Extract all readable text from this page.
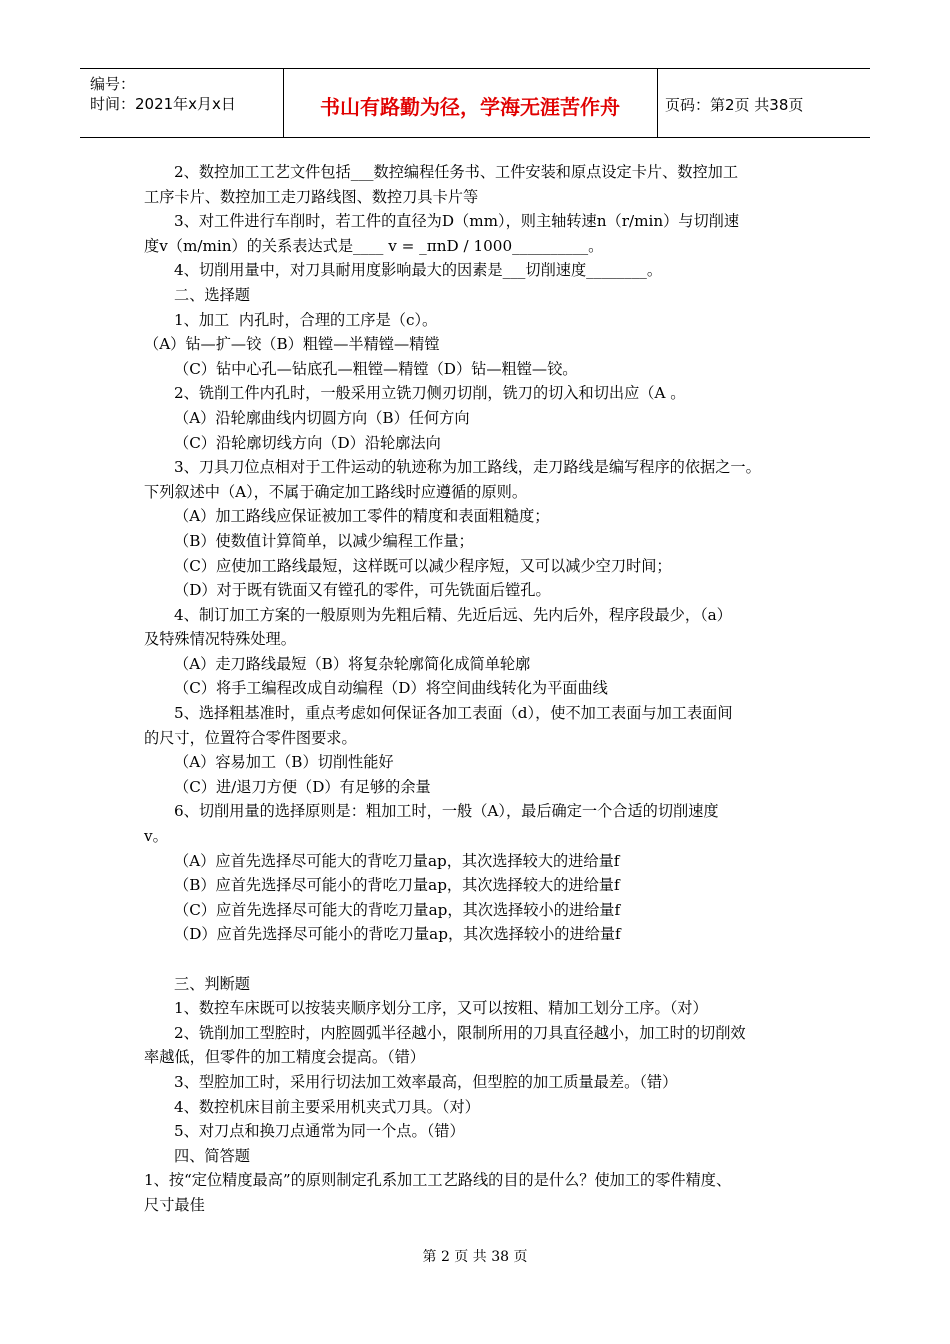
编号：
时间：2021年x月x日	书山有路勤为径，学海无涯苦作舟	页码：第2页 共38页
2、数控加工工艺文件包括___数控编程任务书、工件安装和原点设定卡片、数控加工
工序卡片、数控加工走刀路线图、数控刀具卡片等
3、对工件进行车削时，若工件的直径为D（mm），则主轴转速n（r/min）与切削速
度v（m/min）的关系表达式是____ v = _πnD / 1000__________。
4、切削用量中，对刀具耐用度影响最大的因素是___切削速度________。
二、选择题
1、加工  内孔时，合理的工序是（c）。
（A）钻—扩—铰（B）粗镗—半精镗—精镗
（C）钻中心孔—钻底孔—粗镗—精镗（D）钻—粗镗—铰。
2、铣削工件内孔时，一般采用立铣刀侧刃切削，铣刀的切入和切出应（A 。
（A）沿轮廓曲线内切圆方向（B）任何方向
（C）沿轮廓切线方向（D）沿轮廓法向
3、刀具刀位点相对于工件运动的轨迹称为加工路线，走刀路线是编写程序的依据之一。
下列叙述中（A），不属于确定加工路线时应遵循的原则。
（A）加工路线应保证被加工零件的精度和表面粗糙度；
（B）使数值计算简单，以减少编程工作量；
（C）应使加工路线最短，这样既可以减少程序短，又可以减少空刀时间；
（D）对于既有铣面又有镗孔的零件，可先铣面后镗孔。
4、制订加工方案的一般原则为先粗后精、先近后远、先内后外，程序段最少，（a）
及特殊情况特殊处理。
（A）走刀路线最短（B）将复杂轮廓简化成简单轮廓
（C）将手工编程改成自动编程（D）将空间曲线转化为平面曲线
5、选择粗基准时，重点考虑如何保证各加工表面（d），使不加工表面与加工表面间
的尺寸，位置符合零件图要求。
（A）容易加工（B）切削性能好
（C）进/退刀方便（D）有足够的余量
6、切削用量的选择原则是：粗加工时，一般（A），最后确定一个合适的切削速度
v。
（A）应首先选择尽可能大的背吃刀量ap，其次选择较大的进给量f
（B）应首先选择尽可能小的背吃刀量ap，其次选择较大的进给量f
（C）应首先选择尽可能大的背吃刀量ap，其次选择较小的进给量f
（D）应首先选择尽可能小的背吃刀量ap，其次选择较小的进给量f
三、判断题
1、数控车床既可以按装夹顺序划分工序，又可以按粗、精加工划分工序。（对）
2、铣削加工型腔时，内腔圆弧半径越小，限制所用的刀具直径越小，加工时的切削效
率越低，但零件的加工精度会提高。（错）
3、型腔加工时，采用行切法加工效率最高，但型腔的加工质量最差。（错）
4、数控机床目前主要采用机夹式刀具。（对）
5、对刀点和换刀点通常为同一个点。（错）
四、简答题
1、按“定位精度最高”的原则制定孔系加工工艺路线的目的是什么？使加工的零件精度、
尺寸最佳
第 2 页 共 38 页
